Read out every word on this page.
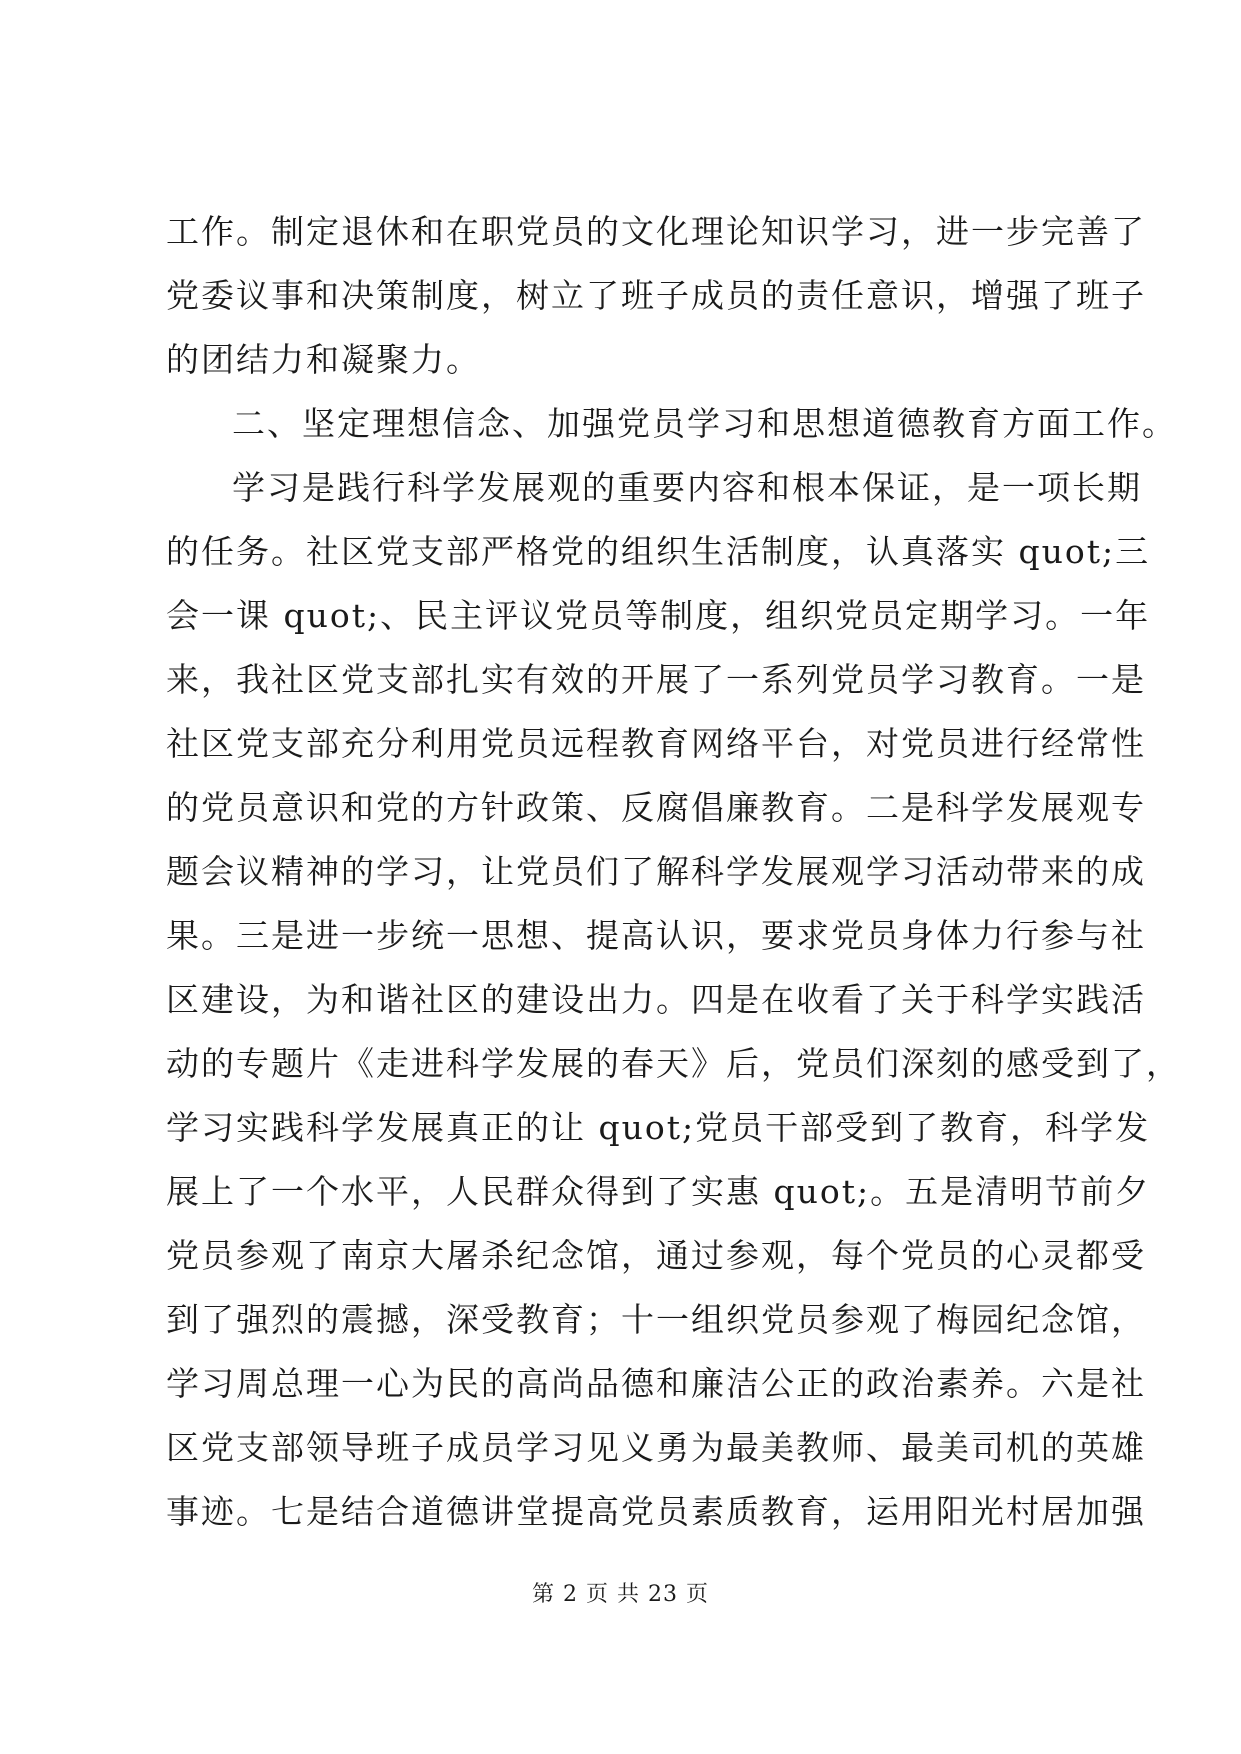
工作。制定退休和在职党员的文化理论知识学习，进一步完善了
党委议事和决策制度，树立了班子成员的责任意识，增强了班子
的团结力和凝聚力。
二、坚定理想信念、加强党员学习和思想道德教育方面工作。
学习是践行科学发展观的重要内容和根本保证，是一项长期
的任务。社区党支部严格党的组织生活制度，认真落实 quot;三
会一课 quot;、民主评议党员等制度，组织党员定期学习。一年
来，我社区党支部扎实有效的开展了一系列党员学习教育。一是
社区党支部充分利用党员远程教育网络平台，对党员进行经常性
的党员意识和党的方针政策、反腐倡廉教育。二是科学发展观专
题会议精神的学习，让党员们了解科学发展观学习活动带来的成
果。三是进一步统一思想、提高认识，要求党员身体力行参与社
区建设，为和谐社区的建设出力。四是在收看了关于科学实践活
动的专题片《走进科学发展的春天》后，党员们深刻的感受到了，
学习实践科学发展真正的让 quot;党员干部受到了教育，科学发
展上了一个水平，人民群众得到了实惠 quot;。五是清明节前夕
党员参观了南京大屠杀纪念馆，通过参观，每个党员的心灵都受
到了强烈的震撼，深受教育；十一组织党员参观了梅园纪念馆，
学习周总理一心为民的高尚品德和廉洁公正的政治素养。六是社
区党支部领导班子成员学习见义勇为最美教师、最美司机的英雄
事迹。七是结合道德讲堂提高党员素质教育，运用阳光村居加强
第 2 页 共 23 页
